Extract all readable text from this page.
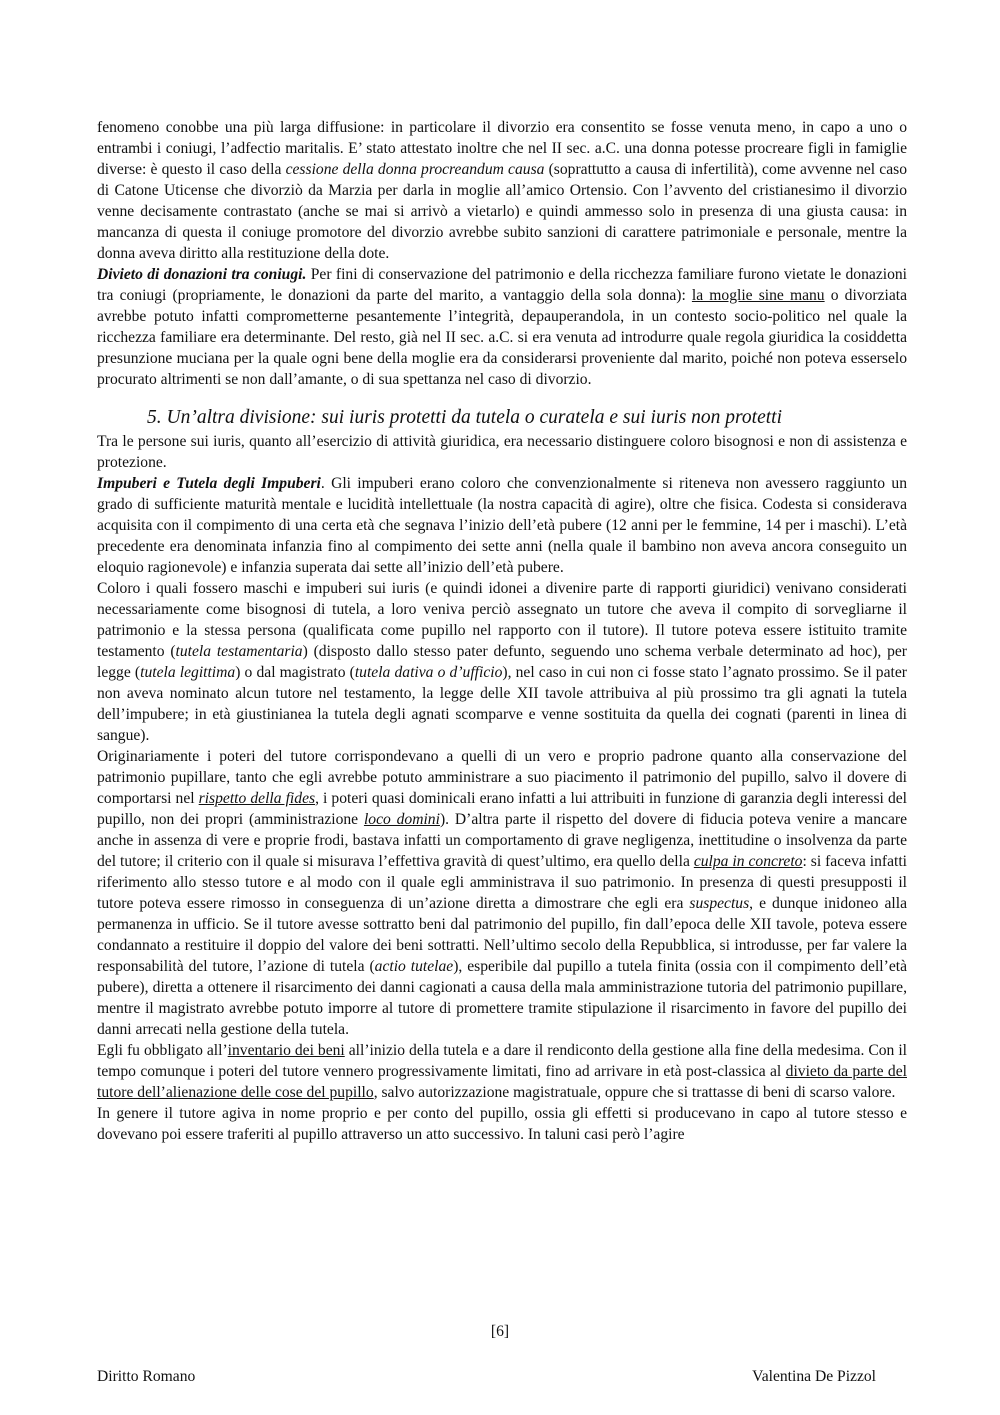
fenomeno conobbe una più larga diffusione: in particolare il divorzio era consentito se fosse venuta meno, in capo a uno o entrambi i coniugi, l’adfectio maritalis. E’ stato attestato inoltre che nel II sec. a.C. una donna potesse procreare figli in famiglie diverse: è questo il caso della cessione della donna procreandum causa (soprattutto a causa di infertilità), come avvenne nel caso di Catone Uticense che divorziò da Marzia per darla in moglie all’amico Ortensio. Con l’avvento del cristianesimo il divorzio venne decisamente contrastato (anche se mai si arrivò a vietarlo) e quindi ammesso solo in presenza di una giusta causa: in mancanza di questa il coniuge promotore del divorzio avrebbe subito sanzioni di carattere patrimoniale e personale, mentre la donna aveva diritto alla restituzione della dote.

Divieto di donazioni tra coniugi. Per fini di conservazione del patrimonio e della ricchezza familiare furono vietate le donazioni tra coniugi (propriamente, le donazioni da parte del marito, a vantaggio della sola donna): la moglie sine manu o divorziata avrebbe potuto infatti comprometterne pesantemente l’integrità, depauperandola, in un contesto socio-politico nel quale la ricchezza familiare era determinante. Del resto, già nel II sec. a.C. si era venuta ad introdurre quale regola giuridica la cosiddetta presunzione muciana per la quale ogni bene della moglie era da considerarsi proveniente dal marito, poiché non poteva esserselo procurato altrimenti se non dall’amante, o di sua spettanza nel caso di divorzio.

5. Un’altra divisione: sui iuris protetti da tutela o curatela e sui iuris non protetti

Tra le persone sui iuris, quanto all’esercizio di attività giuridica, era necessario distinguere coloro bisognosi e non di assistenza e protezione.

Impuberi e Tutela degli Impuberi. Gli impuberi erano coloro che convenzionalmente si riteneva non avessero raggiunto un grado di sufficiente maturità mentale e lucidità intellettuale (la nostra capacità di agire), oltre che fisica. Codesta si considerava acquisita con il compimento di una certa età che segnava l’inizio dell’età pubere (12 anni per le femmine, 14 per i maschi). L’età precedente era denominata infanzia fino al compimento dei sette anni (nella quale il bambino non aveva ancora conseguito un eloquio ragionevole) e infanzia superata dai sette all’inizio dell’età pubere.

Coloro i quali fossero maschi e impuberi sui iuris (e quindi idonei a divenire parte di rapporti giuridici) venivano considerati necessariamente come bisognosi di tutela, a loro veniva perciò assegnato un tutore che aveva il compito di sorvegliarne il patrimonio e la stessa persona (qualificata come pupillo nel rapporto con il tutore). Il tutore poteva essere istituito tramite testamento (tutela testamentaria) (disposto dallo stesso pater defunto, seguendo uno schema verbale determinato ad hoc), per legge (tutela legittima) o dal magistrato (tutela dativa o d’ufficio), nel caso in cui non ci fosse stato l’agnato prossimo. Se il pater non aveva nominato alcun tutore nel testamento, la legge delle XII tavole attribuiva al più prossimo tra gli agnati la tutela dell’impubere; in età giustinianea la tutela degli agnati scomparve e venne sostituita da quella dei cognati (parenti in linea di sangue).

Originariamente i poteri del tutore corrispondevano a quelli di un vero e proprio padrone quanto alla conservazione del patrimonio pupillare, tanto che egli avrebbe potuto amministrare a suo piacimento il patrimonio del pupillo, salvo il dovere di comportarsi nel rispetto della fides, i poteri quasi dominicali erano infatti a lui attribuiti in funzione di garanzia degli interessi del pupillo, non dei propri (amministrazione loco domini). D’altra parte il rispetto del dovere di fiducia poteva venire a mancare anche in assenza di vere e proprie frodi, bastava infatti un comportamento di grave negligenza, inettitudine o insolvenza da parte del tutore; il criterio con il quale si misurava l’effettiva gravità di quest’ultimo, era quello della culpa in concreto: si faceva infatti riferimento allo stesso tutore e al modo con il quale egli amministrava il suo patrimonio. In presenza di questi presupposti il tutore poteva essere rimosso in conseguenza di un’azione diretta a dimostrare che egli era suspectus, e dunque inidoneo alla permanenza in ufficio. Se il tutore avesse sottratto beni dal patrimonio del pupillo, fin dall’epoca delle XII tavole, poteva essere condannato a restituire il doppio del valore dei beni sottratti. Nell’ultimo secolo della Repubblica, si introdusse, per far valere la responsabilità del tutore, l’azione di tutela (actio tutelae), esperibile dal pupillo a tutela finita (ossia con il compimento dell’età pubere), diretta a ottenere il risarcimento dei danni cagionati a causa della mala amministrazione tutoria del patrimonio pupillare, mentre il magistrato avrebbe potuto imporre al tutore di promettere tramite stipulazione il risarcimento in favore del pupillo dei danni arrecati nella gestione della tutela.

Egli fu obbligato all’inventario dei beni all’inizio della tutela e a dare il rendiconto della gestione alla fine della medesima. Con il tempo comunque i poteri del tutore vennero progressivamente limitati, fino ad arrivare in età post-classica al divieto da parte del tutore dell’alienazione delle cose del pupillo, salvo autorizzazione magistratuale, oppure che si trattasse di beni di scarso valore.

In genere il tutore agiva in nome proprio e per conto del pupillo, ossia gli effetti si producevano in capo al tutore stesso e dovevano poi essere traferiti al pupillo attraverso un atto successivo. In taluni casi però l’agire

[6]
Diritto Romano	Valentina De Pizzol
